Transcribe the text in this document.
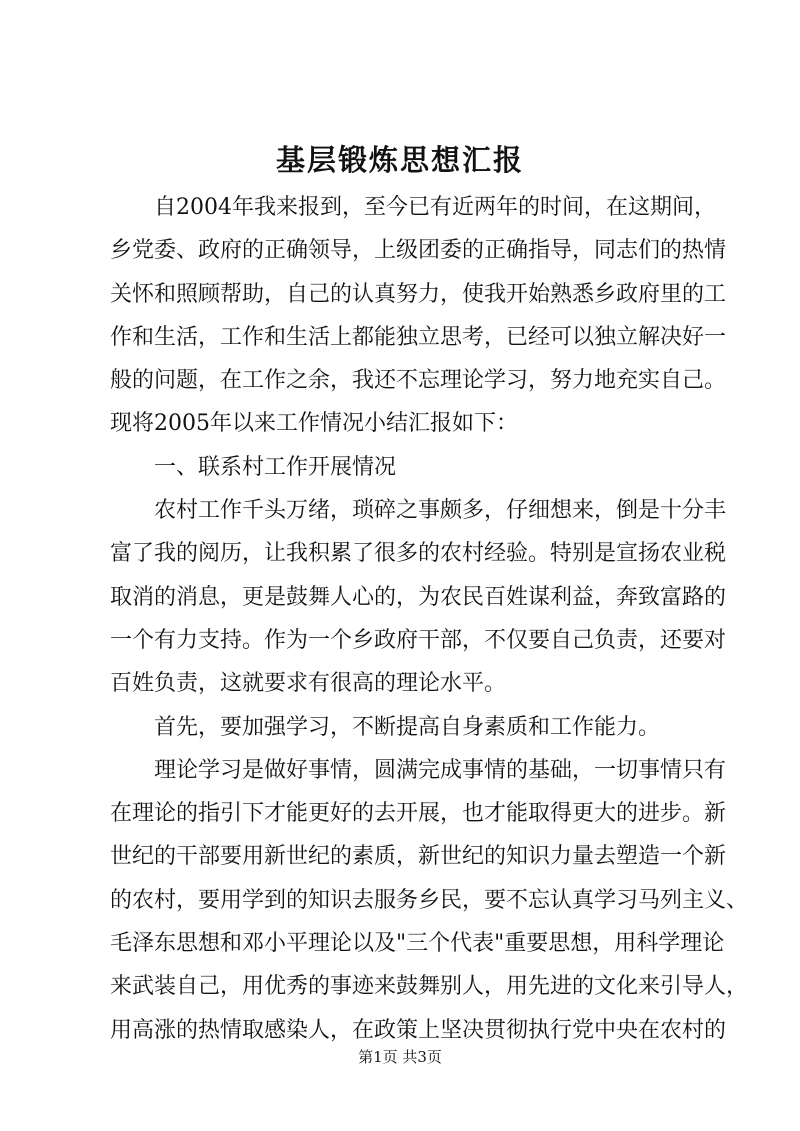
基层锻炼思想汇报
自2004年我来报到，至今已有近两年的时间，在这期间，
乡党委、政府的正确领导，上级团委的正确指导，同志们的热情
关怀和照顾帮助，自己的认真努力，使我开始熟悉乡政府里的工
作和生活，工作和生活上都能独立思考，已经可以独立解决好一
般的问题，在工作之余，我还不忘理论学习，努力地充实自己。
现将2005年以来工作情况小结汇报如下：
一、联系村工作开展情况
农村工作千头万绪，琐碎之事颇多，仔细想来，倒是十分丰
富了我的阅历，让我积累了很多的农村经验。特别是宣扬农业税
取消的消息，更是鼓舞人心的，为农民百姓谋利益，奔致富路的
一个有力支持。作为一个乡政府干部，不仅要自己负责，还要对
百姓负责，这就要求有很高的理论水平。
首先，要加强学习，不断提高自身素质和工作能力。
理论学习是做好事情，圆满完成事情的基础，一切事情只有
在理论的指引下才能更好的去开展，也才能取得更大的进步。新
世纪的干部要用新世纪的素质，新世纪的知识力量去塑造一个新
的农村，要用学到的知识去服务乡民，要不忘认真学习马列主义、
毛泽东思想和邓小平理论以及"三个代表"重要思想，用科学理论
来武装自己，用优秀的事迹来鼓舞别人，用先进的文化来引导人，
用高涨的热情取感染人，在政策上坚决贯彻执行党中央在农村的
第1页 共3页
